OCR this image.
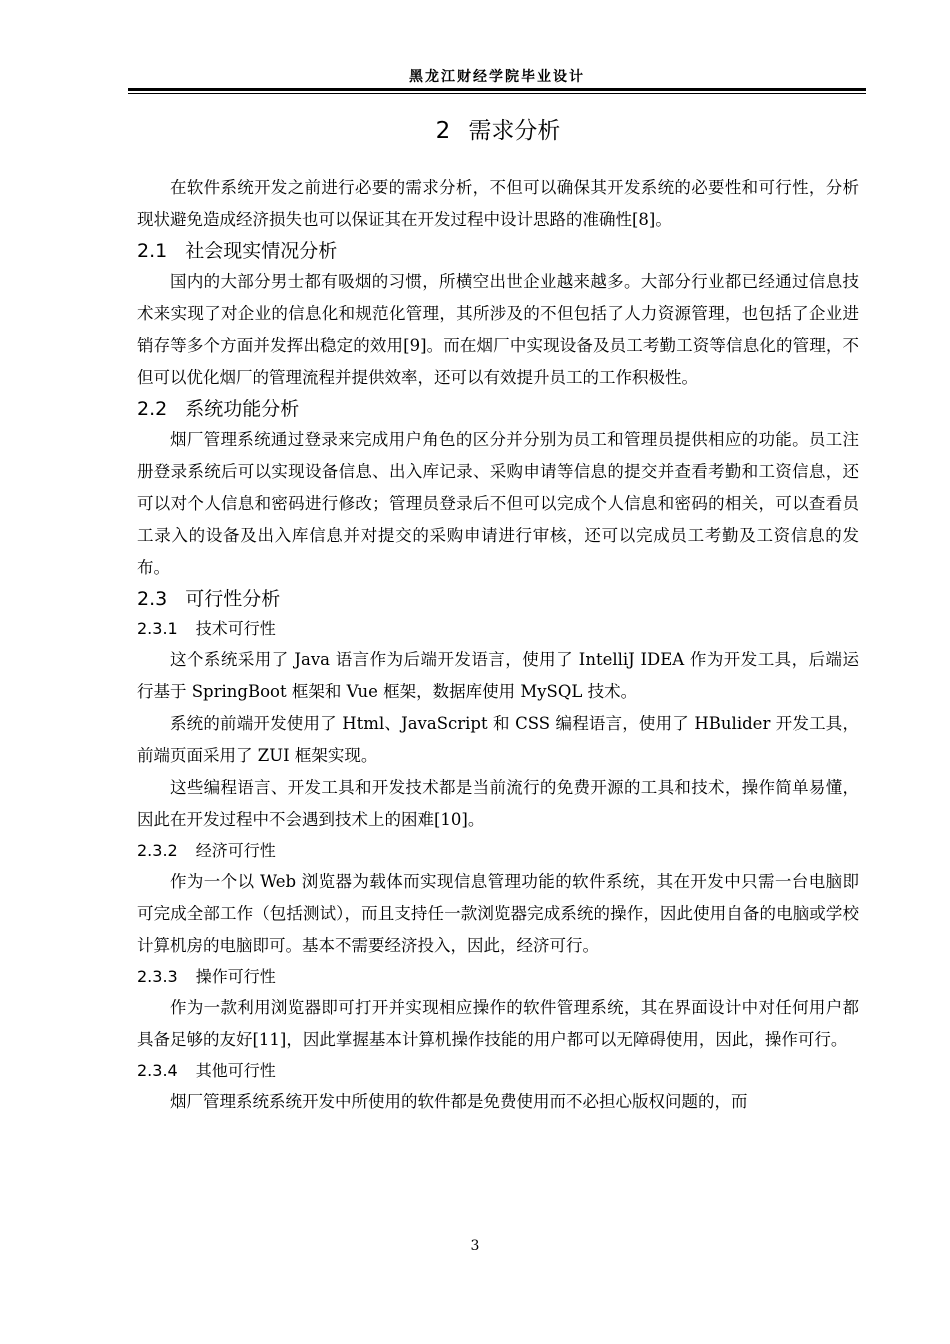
黑龙江财经学院毕业设计
2 需求分析

在软件系统开发之前进行必要的需求分析，不但可以确保其开发系统的必要性和可行性，分析现状避免造成经济损失也可以保证其在开发过程中设计思路的准确性[8]。

2.1 社会现实情况分析

国内的大部分男士都有吸烟的习惯，所横空出世企业越来越多。大部分行业都已经通过信息技术来实现了对企业的信息化和规范化管理，其所涉及的不但包括了人力资源管理，也包括了企业进销存等多个方面并发挥出稳定的效用[9]。而在烟厂中实现设备及员工考勤工资等信息化的管理，不但可以优化烟厂的管理流程并提供效率，还可以有效提升员工的工作积极性。

2.2 系统功能分析

烟厂管理系统通过登录来完成用户角色的区分并分别为员工和管理员提供相应的功能。员工注册登录系统后可以实现设备信息、出入库记录、采购申请等信息的提交并查看考勤和工资信息，还可以对个人信息和密码进行修改；管理员登录后不但可以完成个人信息和密码的相关，可以查看员工录入的设备及出入库信息并对提交的采购申请进行审核，还可以完成员工考勤及工资信息的发布。

2.3 可行性分析
2.3.1 技术可行性

这个系统采用了 Java 语言作为后端开发语言，使用了 IntelliJ IDEA 作为开发工具，后端运行基于 SpringBoot 框架和 Vue 框架，数据库使用 MySQL 技术。

系统的前端开发使用了 Html、JavaScript 和 CSS 编程语言，使用了 HBulider 开发工具，前端页面采用了 ZUI 框架实现。

这些编程语言、开发工具和开发技术都是当前流行的免费开源的工具和技术，操作简单易懂，因此在开发过程中不会遇到技术上的困难[10]。

2.3.2 经济可行性

作为一个以 Web 浏览器为载体而实现信息管理功能的软件系统，其在开发中只需一台电脑即可完成全部工作（包括测试），而且支持任一款浏览器完成系统的操作，因此使用自备的电脑或学校计算机房的电脑即可。基本不需要经济投入，因此，经济可行。

2.3.3 操作可行性

作为一款利用浏览器即可打开并实现相应操作的软件管理系统，其在界面设计中对任何用户都具备足够的友好[11]，因此掌握基本计算机操作技能的用户都可以无障碍使用，因此，操作可行。

2.3.4 其他可行性

烟厂管理系统系统开发中所使用的软件都是免费使用而不必担心版权问题的，而

3
